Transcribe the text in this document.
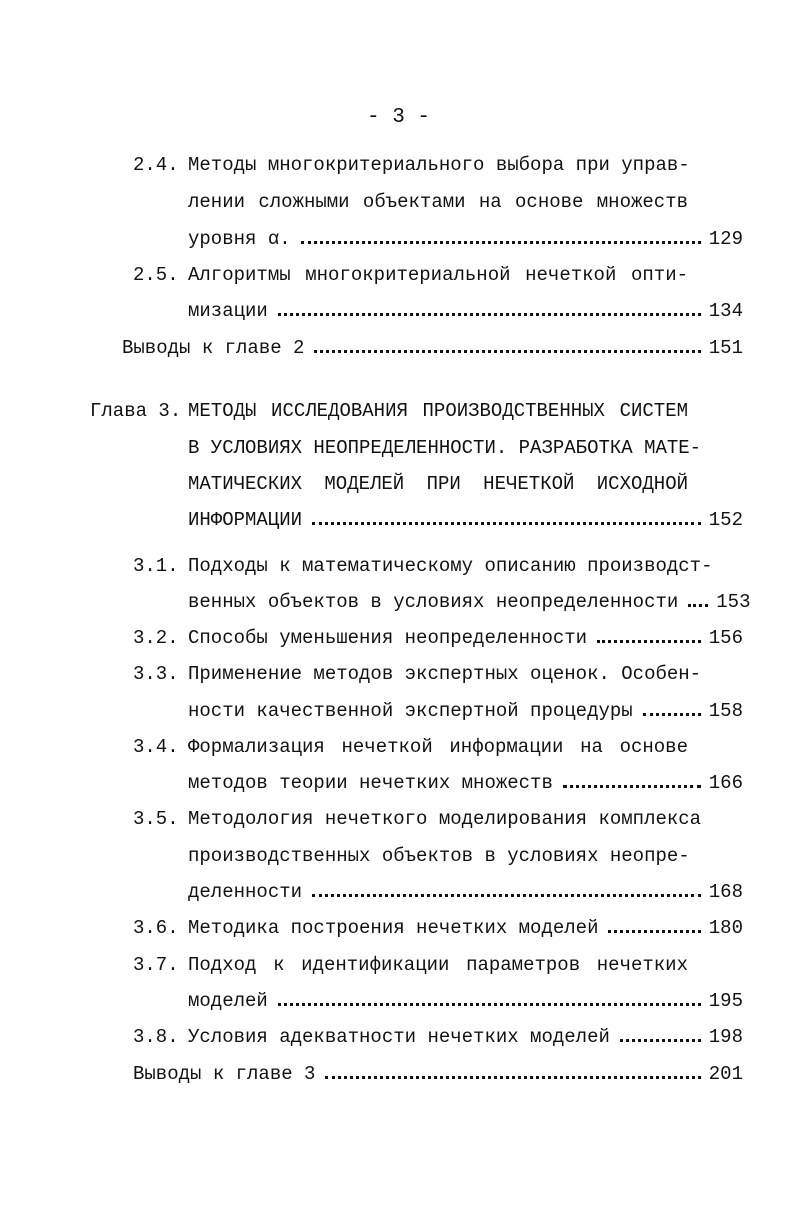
- 3 -
2.4. Методы многокритериального выбора при управ-
лении сложными объектами на основе множеств
уровня α.	129
2.5. Алгоритмы многокритериальной нечеткой опти-
мизации	134
Выводы к главе 2	151
Глава 3. МЕТОДЫ ИССЛЕДОВАНИЯ ПРОИЗВОДСТВЕННЫХ СИСТЕМ
В УСЛОВИЯХ НЕОПРЕДЕЛЕННОСТИ. РАЗРАБОТКА МАТЕ-
МАТИЧЕСКИХ МОДЕЛЕЙ ПРИ НЕЧЕТКОЙ ИСХОДНОЙ
ИНФОРМАЦИИ	152
3.1. Подходы к математическому описанию производст-
венных объектов в условиях неопределенности 153
3.2. Способы уменьшения неопределенности	156
3.3. Применение методов экспертных оценок. Особен-
ности качественной экспертной процедуры	158
3.4. Формализация нечеткой информации на основе
методов теории нечетких множеств	166
3.5. Методология нечеткого моделирования комплекса
производственных объектов в условиях неопре-
деленности	168
3.6. Методика построения нечетких моделей	180
3.7. Подход к идентификации параметров нечетких
моделей	195
3.8. Условия адекватности нечетких моделей	198
Выводы к главе 3	201
